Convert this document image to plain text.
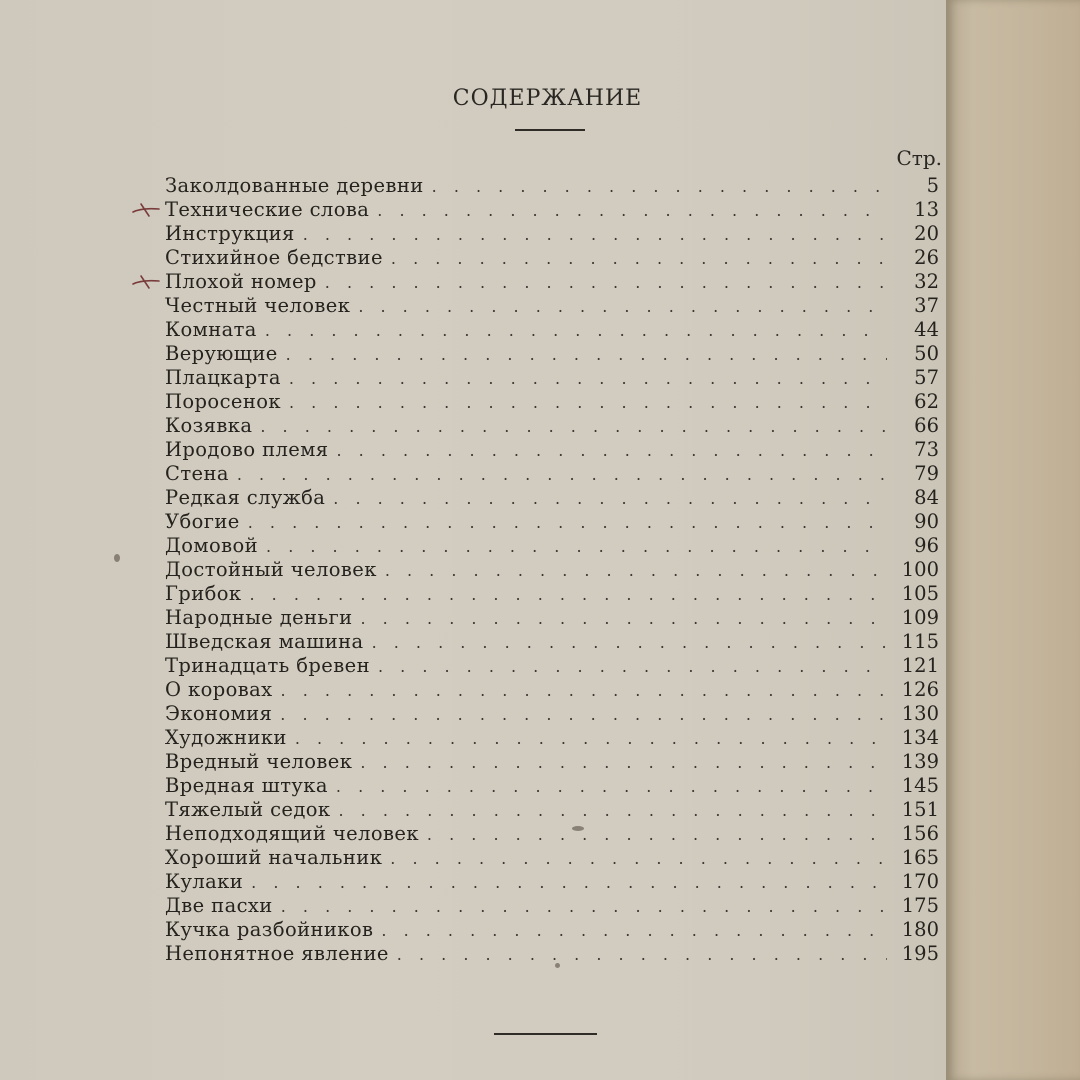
СОДЕРЖАНИЕ
Стр.
Заколдованные деревни . . .	5
Технические слова . . .	13
Инструкция . . .	20
Стихийное бедствие . . .	26
Плохой номер . . .	32
Честный человек . . .	37
Комната . . .	44
Верующие . . .	50
Плацкарта . . .	57
Поросенок . . .	62
Козявка . . .	66
Иродово племя . . .	73
Стена . . .	79
Редкая служба . . .	84
Убогие . . .	90
Домовой . . .	96
Достойный человек . . .	100
Грибок . . .	105
Народные деньги . . .	109
Шведская машина . . .	115
Тринадцать бревен . . .	121
О коровах . . .	126
Экономия . . .	130
Художники . . .	134
Вредный человек . . .	139
Вредная штука . . .	145
Тяжелый седок . . .	151
Неподходящий человек . . .	156
Хороший начальник . . .	165
Кулаки . . .	170
Две пасхи . . .	175
Кучка разбойников . . .	180
Непонятное явление . . .	195
